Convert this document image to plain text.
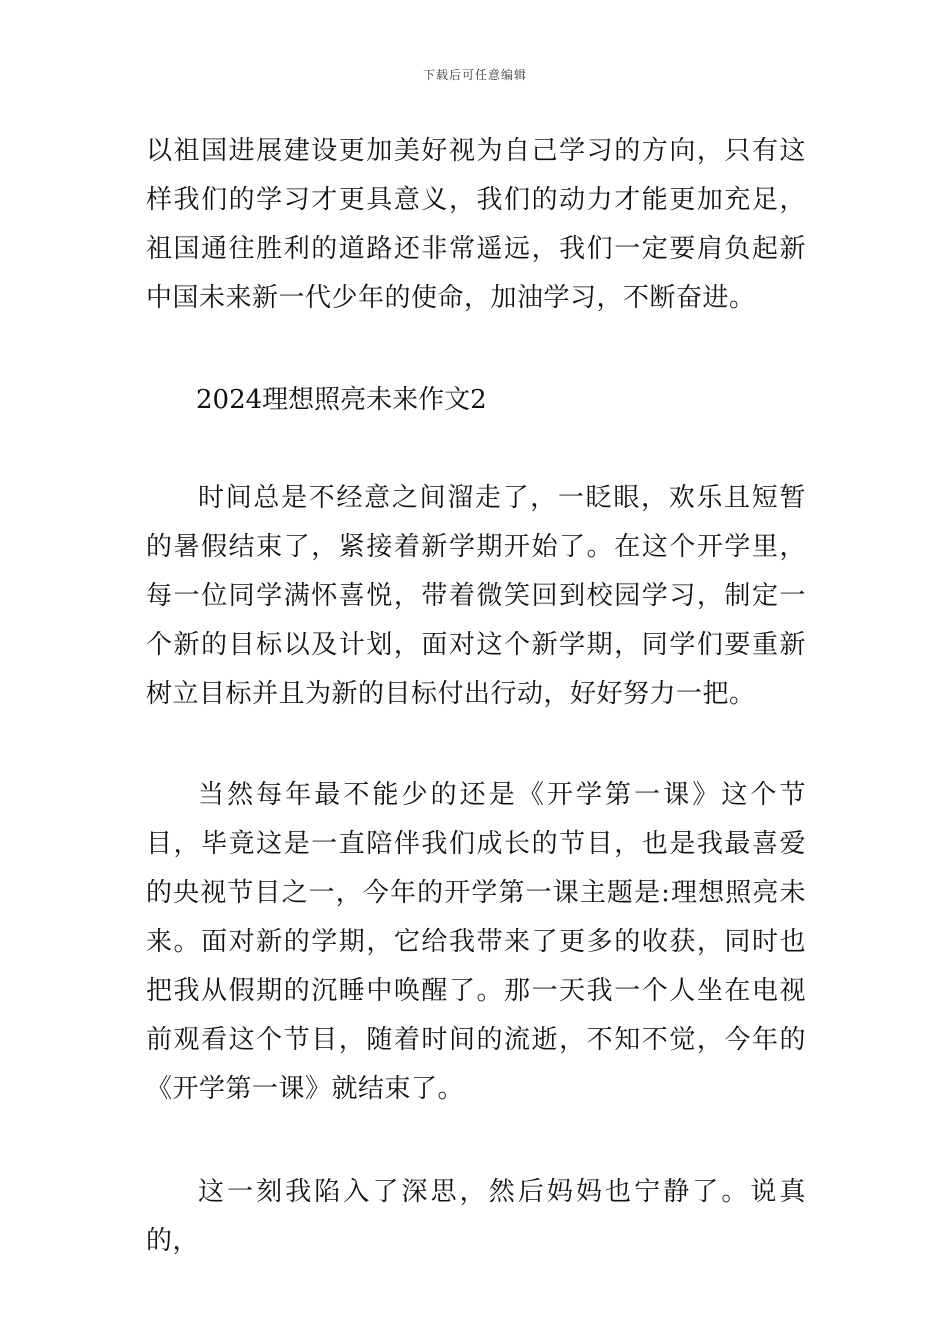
下载后可任意编辑
以祖国进展建设更加美好视为自己学习的方向，只有这样我们的学习才更具意义，我们的动力才能更加充足，祖国通往胜利的道路还非常遥远，我们一定要肩负起新中国未来新一代少年的使命，加油学习，不断奋进。
2024理想照亮未来作文2
时间总是不经意之间溜走了，一眨眼，欢乐且短暂的暑假结束了，紧接着新学期开始了。在这个开学里，每一位同学满怀喜悦，带着微笑回到校园学习，制定一个新的目标以及计划，面对这个新学期，同学们要重新树立目标并且为新的目标付出行动，好好努力一把。
当然每年最不能少的还是《开学第一课》这个节目，毕竟这是一直陪伴我们成长的节目，也是我最喜爱的央视节目之一，今年的开学第一课主题是:理想照亮未来。面对新的学期，它给我带来了更多的收获，同时也把我从假期的沉睡中唤醒了。那一天我一个人坐在电视前观看这个节目，随着时间的流逝，不知不觉，今年的《开学第一课》就结束了。
这一刻我陷入了深思，然后妈妈也宁静了。说真的，
